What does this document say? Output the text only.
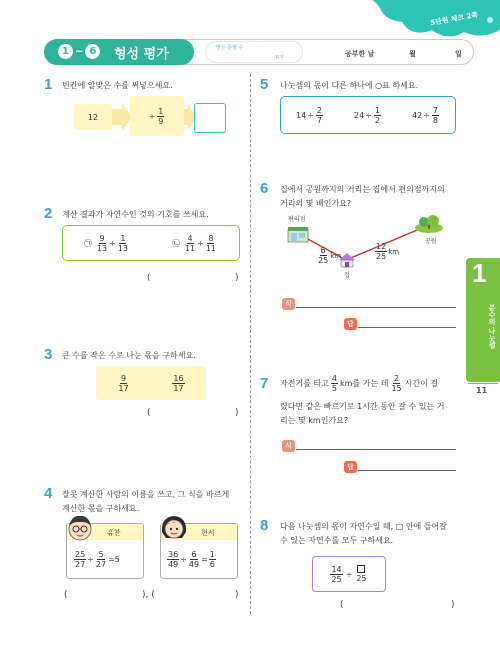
5단원 체크 2쪽
1 ~ 6	형성 평가	맞은 문항 수
/6개	공부한 날	월	일
1
분수의 나눗셈
11
1 빈칸에 알맞은 수를 써넣으세요.
12	÷ $\frac{1}{9}$
2 계산 결과가 자연수인 것의 기호를 쓰세요.
㉠ $\frac{9}{13} \div \frac{1}{13}$	㉡ $\frac{4}{11} \div \frac{8}{11}$
(	)
3 큰 수를 작은 수로 나눈 몫을 구하세요.
$\frac{9}{17}$	$\frac{16}{17}$
(	)
4 잘못 계산한 사람의 이름을 쓰고, 그 식을 바르게
계산한 몫을 구하세요.
유찬
$\frac{25}{27} \div \frac{5}{27} = 5$
현서
$\frac{36}{49} \div \frac{6}{49} = \frac{1}{6}$
(	), (	)
5 나눗셈의 몫이 다른 하나에 ○표 하세요.
$14 \div \frac{2}{7}$	$24 \div \frac{1}{2}$	$42 \div \frac{7}{8}$
6 집에서 공원까지의 거리는 집에서 편의점까지의
거리의 몇 배인가요?
편의점
공원
집
$\frac{6}{25}$ km	$\frac{12}{25}$ km
식
답
7 자전거를 타고 $\frac{4}{5}$ km를 가는 데 $\frac{2}{15}$ 시간이 걸
렸다면 같은 빠르기로 1시간 동안 갈 수 있는 거
리는 몇 km인가요?
식
답
8 다음 나눗셈의 몫이 자연수일 때, □ 안에 들어갈
수 있는 자연수를 모두 구하세요.
$\frac{14}{25} \div 25$
(	)
